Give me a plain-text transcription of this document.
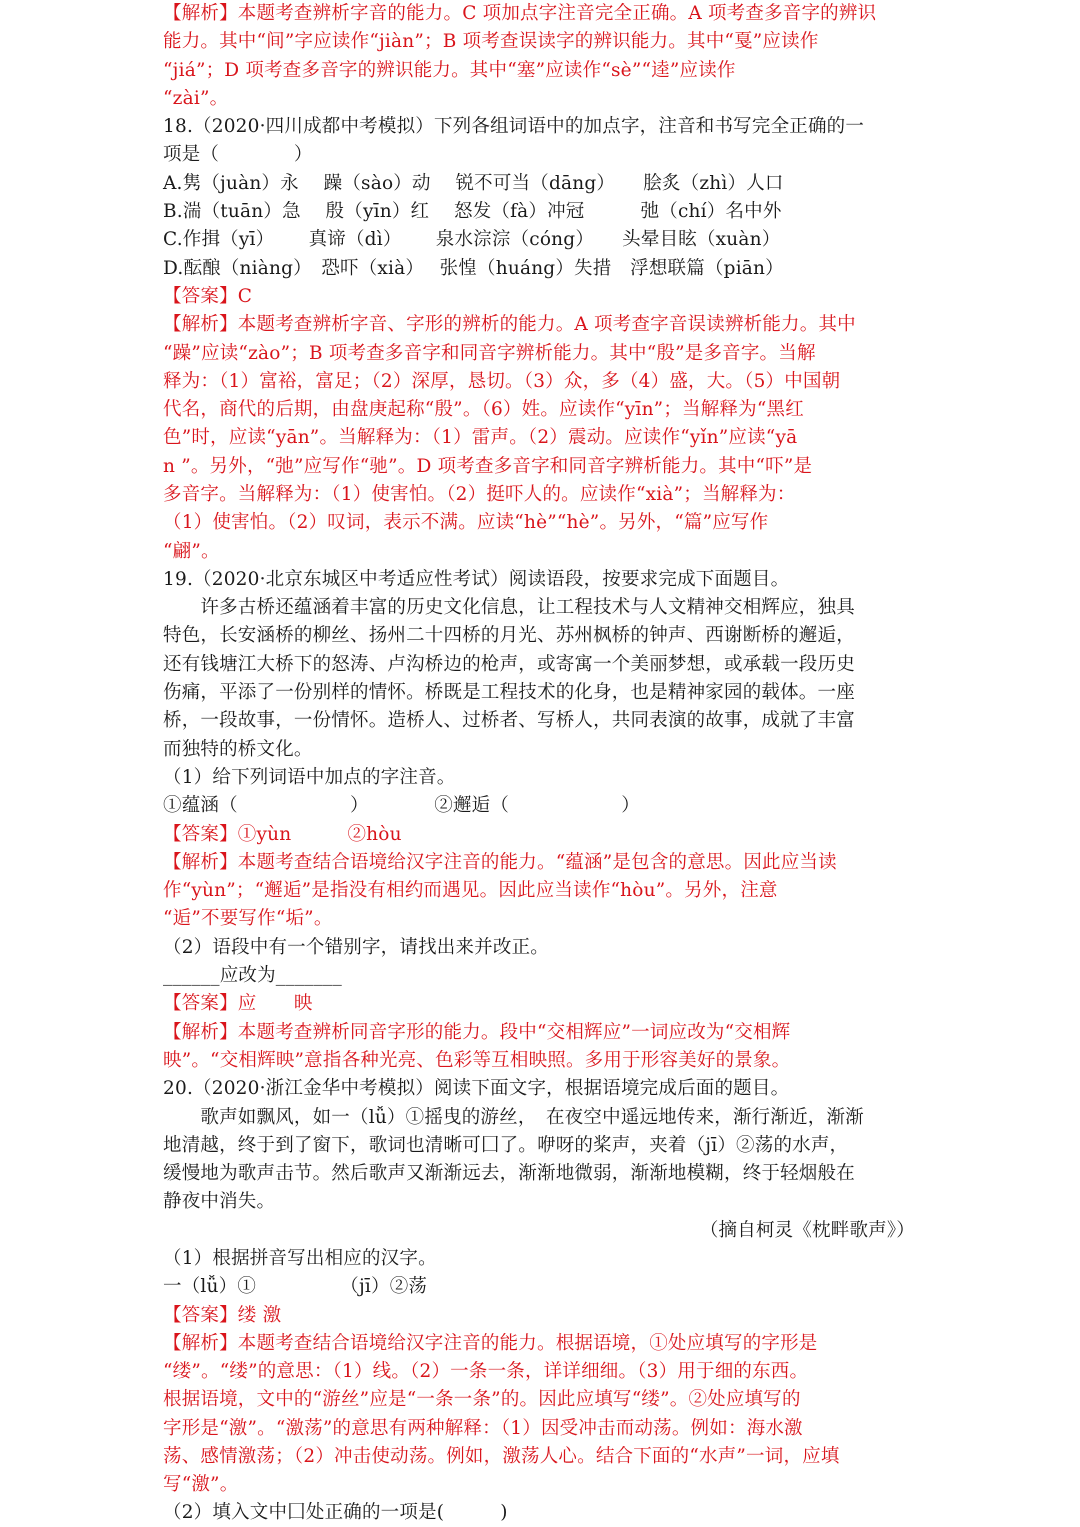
【解析】本题考查辨析字音的能力。C 项加点字注音完全正确。A 项考查多音字的辨识
能力。其中“间”字应读作“jiàn”；B 项考查误读字的辨识能力。其中“戛”应读作
“jiá”；D 项考查多音字的辨识能力。其中“塞”应读作“sè”“逵”应读作
“zài”。
18.（2020·四川成都中考模拟）下列各组词语中的加点字，注音和书写完全正确的一
项是（　　　　）
A.隽（juàn）永　 躁（sào）动　 锐不可当（dāng）　　脍炙（zhì）人口
B.湍（tuān）急　 殷（yīn）红　 怒发（fà）冲冠　　　弛（chí）名中外
C.作揖（yī）　　 真谛（dì）　　 泉水淙淙（cóng）　　头晕目眩（xuàn）
D.酝酿（niàng）　恐吓（xià）　 张惶（huáng）失措　浮想联篇（piān）
【答案】C
【解析】本题考查辨析字音、字形的辨析的能力。A 项考查字音误读辨析能力。其中
“躁”应读“zào”；B 项考查多音字和同音字辨析能力。其中“殷”是多音字。当解
释为：（1）富裕，富足；（2）深厚，恳切。（3）众，多（4）盛，大。（5）中国朝
代名，商代的后期，由盘庚起称“殷”。（6）姓。应读作“yīn”；当解释为“黑红
色”时，应读“yān”。当解释为：（1）雷声。（2）震动。应读作“yǐn”应读“yā
n ”。另外，“弛”应写作“驰”。D 项考查多音字和同音字辨析能力。其中“吓”是
多音字。当解释为：（1）使害怕。（2）挺吓人的。应读作“xià”；当解释为：
（1）使害怕。（2）叹词，表示不满。应读“hè”“hè”。另外，“篇”应写作
“翩”。
19.（2020·北京东城区中考适应性考试）阅读语段，按要求完成下面题目。
　　许多古桥还蕴涵着丰富的历史文化信息，让工程技术与人文精神交相辉应，独具
特色，长安涵桥的柳丝、扬州二十四桥的月光、苏州枫桥的钟声、西谢断桥的邂逅，
还有钱塘江大桥下的怒涛、卢沟桥边的枪声，或寄寓一个美丽梦想，或承载一段历史
伤痛，平添了一份别样的情怀。桥既是工程技术的化身，也是精神家园的载体。一座
桥，一段故事，一份情怀。造桥人、过桥者、写桥人，共同表演的故事，成就了丰富
而独特的桥文化。
（1）给下列词语中加点的字注音。
①蕴涵（　　　　　　）　　　　②邂逅（　　　　　　）
【答案】①yùn　　　②hòu
【解析】本题考查结合语境给汉字注音的能力。“蕴涵”是包含的意思。因此应当读
作“yùn”；“邂逅”是指没有相约而遇见。因此应当读作“hòu”。另外，注意
“逅”不要写作“垢”。
（2）语段中有一个错别字，请找出来并改正。
______应改为_______
【答案】应　　映
【解析】本题考查辨析同音字形的能力。段中“交相辉应”一词应改为“交相辉
映”。“交相辉映”意指各种光亮、色彩等互相映照。多用于形容美好的景象。
20.（2020·浙江金华中考模拟）阅读下面文字，根据语境完成后面的题目。
　　歌声如飘风，如一（lǚ）①摇曳的游丝，　在夜空中遥远地传来，渐行渐近，渐渐
地清越，终于到了窗下，歌词也清晰可囗了。咿呀的桨声，夹着（jī）②荡的水声，
缓慢地为歌声击节。然后歌声又渐渐远去，渐渐地微弱，渐渐地模糊，终于轻烟般在
静夜中消失。
（摘自柯灵《枕畔歌声》）
（1）根据拼音写出相应的汉字。
一（lǚ）①　　　　　（jī）②荡
【答案】缕 激
【解析】本题考查结合语境给汉字注音的能力。根据语境，①处应填写的字形是
“缕”。“缕”的意思：（1）线。（2）一条一条，详详细细。（3）用于细的东西。
根据语境，文中的“游丝”应是“一条一条”的。因此应填写“缕”。②处应填写的
字形是“激”。“激荡”的意思有两种解释：（1）因受冲击而动荡。例如：海水激
荡、感情激荡；（2）冲击使动荡。例如，激荡人心。结合下面的“水声”一词，应填
写“激”。
（2）填入文中囗处正确的一项是(　　　)
